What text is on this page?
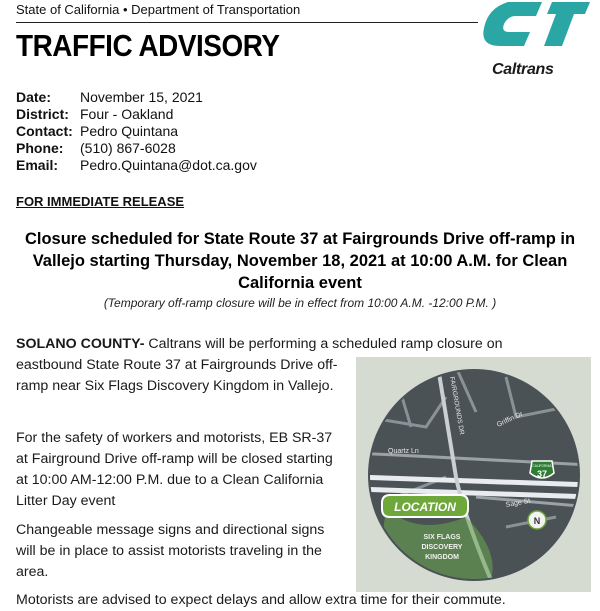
State of California • Department of Transportation
TRAFFIC ADVISORY
Caltrans
Date:	November 15, 2021
District: Four - Oakland
Contact: Pedro Quintana
Phone:	(510) 867-6028
Email:	Pedro.Quintana@dot.ca.gov
FOR IMMEDIATE RELEASE
Closure scheduled for State Route 37 at Fairgrounds Drive off-ramp in Vallejo starting Thursday, November 18, 2021 at 10:00 A.M. for Clean California event
(Temporary off-ramp closure will be in effect from 10:00 A.M. -12:00 P.M. )

SOLANO COUNTY- Caltrans will be performing a scheduled ramp closure on

eastbound State Route 37 at Fairgrounds Drive off-ramp near Six Flags Discovery Kingdom in Vallejo.

For the safety of workers and motorists, EB SR-37 at Fairground Drive off-ramp will be closed starting at 10:00 AM-12:00 P.M. due to a Clean California Litter Day event

Changeable message signs and directional signs will be in place to assist motorists traveling in the area.

Motorists are advised to expect delays and allow extra time for their commute.

Quartz Ln
FAIRGROUNDS DR	Griffin Dr
Sage St
CALIFORNIA
37
LOCATION
SIX FLAGS
DISCOVERY
KINGDOM
N
